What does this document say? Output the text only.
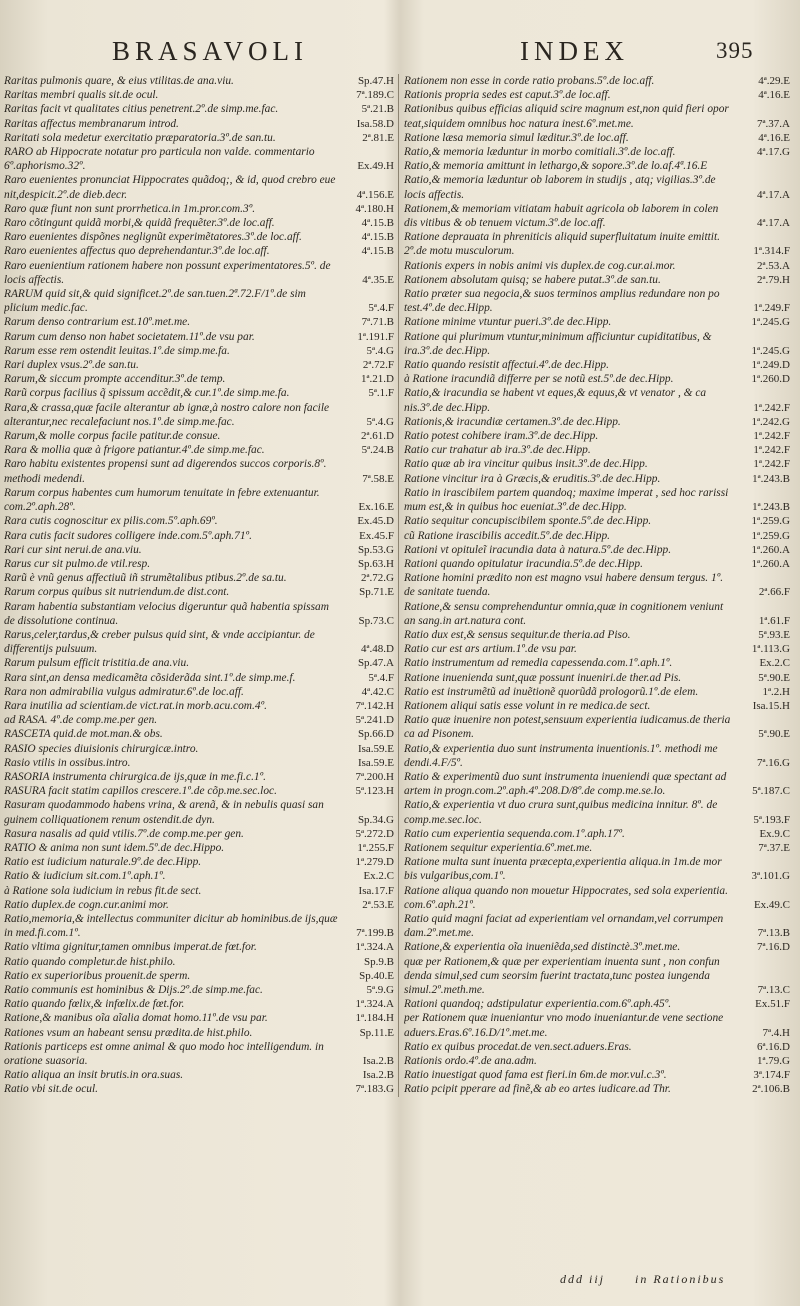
BRASAVOLI	INDEX	395
Raritas pulmonis quare, & eius vtilitas.de ana.viu.	Sp.47.H
Raritas membri qualis sit.de ocul.	7ª.189.C
Raritas facit vt qualitates citius penetrent.2º.de simp.me.fac.	5ª.21.B
Raritas affectus membranarum introd.	Isa.58.D
Raritati sola medetur exercitatio præparatoria.3º.de san.tu.	2ª.81.E
RARO ab Hippocrate notatur pro particula non valde. commentario 6º.aphorismo.32º.	Ex.49.H
Raro euenientes pronunciat Hippocrates quãdoq;, & id, quod crebro eue nit,despicit.2º.de dieb.decr.	4ª.156.E
Raro quæ fiunt non sunt prorrhetica.in 1m.pror.com.3º.	4ª.180.H
Raro cõtingunt quidã morbi,& quidã frequẽter.3º.de loc.aff.	4ª.15.B
Raro euenientes dispõnes neglignũt experimẽtatores.3º.de loc.aff.	4ª.15.B
Raro euenientes affectus quo deprehendantur.3º.de loc.aff.	4ª.15.B
Raro euenientium rationem habere non possunt experimentatores.5º. de locis affectis.	4ª.35.E
RARUM quid sit,& quid significet.2º.de san.tuen.2ª.72.F/1º.de sim plicium medic.fac.	5ª.4.F
Rarum denso contrarium est.10º.met.me.	7ª.71.B
Rarum cum denso non habet societatem.11º.de vsu par.	1ª.191.F
Rarum esse rem ostendit leuitas.1º.de simp.me.fa.	5ª.4.G
Rari duplex vsus.2º.de san.tu.	2ª.72.F
Rarum,& siccum prompte accenditur.3º.de temp.	1ª.21.D
Rarũ corpus facilius q̃ spissum accẽdit,& cur.1º.de simp.me.fa.	5ª.1.F
Rara,& crassa,quæ facile alterantur ab ignæ,à nostro calore non facile alterantur,nec recalefaciunt nos.1º.de simp.me.fac.	5ª.4.G
Rarum,& molle corpus facile patitur.de consue.	2ª.61.D
Rara & mollia quæ à frigore patiantur.4º.de simp.me.fac.	5ª.24.B
Raro habitu existentes propensi sunt ad digerendos succos corporis.8º. methodi medendi.	7ª.58.E
Rarum corpus habentes cum humorum tenuitate in febre extenuantur. com.2º.aph.28º.	Ex.16.E
Rara cutis cognoscitur ex pilis.com.5º.aph.69º.	Ex.45.D
Rara cutis facit sudores colligere inde.com.5º.aph.71º.	Ex.45.F
Rari cur sint nerui.de ana.viu.	Sp.53.G
Rarus cur sit pulmo.de vtil.resp.	Sp.63.H
Rarũ è vnũ genus affectiuũ iñ strumẽtalibus ptibus.2º.de sa.tu.	2ª.72.G
Rarum corpus quibus sit nutriendum.de dist.cont.	Sp.71.E
Raram habentia substantiam velocius digeruntur quã habentia spissam de dissolutione continua.	Sp.73.C
Rarus,celer,tardus,& creber pulsus quid sint, & vnde accipiantur. de differentijs pulsuum.	4ª.48.D
Rarum pulsum efficit tristitia.de ana.viu.	Sp.47.A
Rara sint,an densa medicamẽta cõsiderãda sint.1º.de simp.me.f.	5ª.4.F
Rara non admirabilia vulgus admiratur.6º.de loc.aff.	4ª.42.C
Rara inutilia ad scientiam.de vict.rat.in morb.acu.com.4º.	7ª.142.H
ad RASA. 4º.de comp.me.per gen.	5ª.241.D
RASCETA quid.de mot.man.& obs.	Sp.66.D
RASIO species diuisionis chirurgicæ.intro.	Isa.59.E
Rasio vtilis in ossibus.intro.	Isa.59.E
RASORIA instrumenta chirurgica.de ijs,quæ in me.fi.c.1º.	7ª.200.H
RASURA facit statim capillos crescere.1º.de cõp.me.sec.loc.	5ª.123.H
Rasuram quodammodo habens vrina, & arenã, & in nebulis quasi san guinem colliquationem renum ostendit.de dyn.	Sp.34.G
Rasura nasalis ad quid vtilis.7º.de comp.me.per gen.	5ª.272.D
RATIO & anima non sunt idem.5º.de dec.Hippo.	1ª.255.F
Ratio est iudicium naturale.9º.de dec.Hipp.	1ª.279.D
Ratio & iudicium sit.com.1º.aph.1º.	Ex.2.C
à Ratione sola iudicium in rebus fit.de sect.	Isa.17.F
Ratio duplex.de cogn.cur.animi mor.	2ª.53.E
Ratio,memoria,& intellectus communiter dicitur ab hominibus.de ijs,quæ in med.fi.com.1º.	7ª.199.B
Ratio vltima gignitur,tamen omnibus imperat.de fœt.for.	1ª.324.A
Ratio quando completur.de hist.philo.	Sp.9.B
Ratio ex superioribus prouenit.de sperm.	Sp.40.E
Ratio communis est hominibus & Dijs.2º.de simp.me.fac.	5ª.9.G
Ratio quando fœlix,& infœlix.de fœt.for.	1ª.324.A
Ratione,& manibus oĩa aĩalia domat homo.11º.de vsu par.	1ª.184.H
Rationes vsum an habeant sensu prædita.de hist.philo.	Sp.11.E
Rationis particeps est omne animal & quo modo hoc intelligendum. in oratione suasoria.	Isa.2.B
Ratio aliqua an insit brutis.in ora.suas.	Isa.2.B
Ratio vbi sit.de ocul.	7ª.183.G
Rationem non esse in corde ratio probans.5º.de loc.aff.	4ª.29.E
Rationis propria sedes est caput.3º.de loc.aff.	4ª.16.E
Rationibus quibus efficias aliquid scire magnum est,non quid fieri opor teat,siquidem omnibus hoc natura inest.6º.met.me.	7ª.37.A
Ratione læsa memoria simul læditur.3º.de loc.aff.	4ª.16.E
Ratio,& memoria læduntur in morbo comitiali.3º.de loc.aff.	4ª.17.G
Ratio,& memoria amittunt in lethargo,& sopore.3º.de lo.af.4ª.16.E
Ratio,& memoria læduntur ob laborem in studijs , atq; vigilias.3º.de locis affectis.	4ª.17.A
Rationem,& memoriam vitiatam habuit agricola ob laborem in colen dis vitibus & ob tenuem victum.3º.de loc.aff.	4ª.17.A
Ratione deprauata in phreniticis aliquid superfluitatum inuite emittit. 2º.de motu musculorum.	1ª.314.F
Rationis expers in nobis animi vis duplex.de cog.cur.ai.mor.	2ª.53.A
Rationem absolutam quisq; se habere putat.3º.de san.tu.	2ª.79.H
Ratio præter sua negocia,& suos terminos amplius redundare non po test.4º.de dec.Hipp.	1ª.249.F
Ratione minime vtuntur pueri.3º.de dec.Hipp.	1ª.245.G
Ratione qui plurimum vtuntur,minimum afficiuntur cupiditatibus, & ira.3º.de dec.Hipp.	1ª.245.G
Ratio quando resistit affectui.4º.de dec.Hipp.	1ª.249.D
à Ratione iracundiã differre per se notũ est.5º.de dec.Hipp.	1ª.260.D
Ratio,& iracundia se habent vt eques,& equus,& vt venator , & ca nis.3º.de dec.Hipp.	1ª.242.F
Rationis,& iracundiæ certamen.3º.de dec.Hipp.	1ª.242.G
Ratio potest cohibere iram.3º.de dec.Hipp.	1ª.242.F
Ratio cur trahatur ab ira.3º.de dec.Hipp.	1ª.242.F
Ratio quæ ab ira vincitur quibus insit.3º.de dec.Hipp.	1ª.242.F
Ratione vincitur ira à Græcis,& eruditis.3º.de dec.Hipp.	1ª.243.B
Ratio in irascibilem partem quandoq; maxime imperat , sed hoc rarissi mum est,& in quibus hoc eueniat.3º.de dec.Hipp.	1ª.243.B
Ratio sequitur concupiscibilem sponte.5º.de dec.Hipp.	1ª.259.G
cũ Ratione irascibilis accedit.5º.de dec.Hipp.	1ª.259.G
Rationi vt opituleĩ iracundia data à natura.5º.de dec.Hipp.	1ª.260.A
Rationi quando opitulatur iracundia.5º.de dec.Hipp.	1ª.260.A
Ratione homini prædito non est magno vsui habere densum tergus. 1º. de sanitate tuenda.	2ª.66.F
Ratione,& sensu comprehenduntur omnia,quæ in cognitionem veniunt an sang.in art.natura cont.	1ª.61.F
Ratio dux est,& sensus sequitur.de theria.ad Piso.	5ª.93.E
Ratio cur est ars artium.1º.de vsu par.	1ª.113.G
Ratio instrumentum ad remedia capessenda.com.1º.aph.1º.	Ex.2.C
Ratione inuenienda sunt,quæ possunt inueniri.de ther.ad Pis.	5ª.90.E
Ratio est instrumẽtũ ad inuẽtionẽ quorũdã prologorũ.1º.de elem.	1ª.2.H
Rationem aliqui satis esse volunt in re medica.de sect.	Isa.15.H
Ratio quæ inuenire non potest,sensuum experientia iudicamus.de theria ca ad Pisonem.	5ª.90.E
Ratio,& experientia duo sunt instrumenta inuentionis.1º. methodi me dendi.4.F/5º.	7ª.16.G
Ratio & experimentũ duo sunt instrumenta inueniendi quæ spectant ad artem in progn.com.2º.aph.4º.208.D/8º.de comp.me.se.lo.	5ª.187.C
Ratio,& experientia vt duo crura sunt,quibus medicina innitur. 8º. de comp.me.sec.loc.	5ª.193.F
Ratio cum experientia sequenda.com.1º.aph.17º.	Ex.9.C
Rationem sequitur experientia.6º.met.me.	7ª.37.E
Ratione multa sunt inuenta præcepta,experientia aliqua.in 1m.de mor bis vulgaribus,com.1º.	3ª.101.G
Ratione aliqua quando non mouetur Hippocrates, sed sola experientia. com.6º.aph.21º.	Ex.49.C
Ratio quid magni faciat ad experientiam vel ornandam,vel corrumpen dam.2º.met.me.	7ª.13.B
Ratione,& experientia oĩa inueniẽda,sed distinctè.3º.met.me.	7ª.16.D
quæ per Rationem,& quæ per experientiam inuenta sunt , non confun denda simul,sed cum seorsim fuerint tractata,tunc postea iungenda simul.2º.meth.me.	7ª.13.C
Rationi quandoq; adstipulatur experientia.com.6º.aph.45º.	Ex.51.F
per Rationem quæ inueniantur vno modo inueniantur.de vene sectione aduers.Eras.6º.16.D/1º.met.me.	7ª.4.H
Ratio ex quibus procedat.de ven.sect.aduers.Eras.	6ª.16.D
Rationis ordo.4º.de ana.adm.	1ª.79.G
Ratio inuestigat quod fama est fieri.in 6m.de mor.vul.c.3º.	3ª.174.F
Ratio pcipit pperare ad finẽ,& ab eo artes iudicare.ad Thr.	2ª.106.B
ddd iij	in Rationibus
